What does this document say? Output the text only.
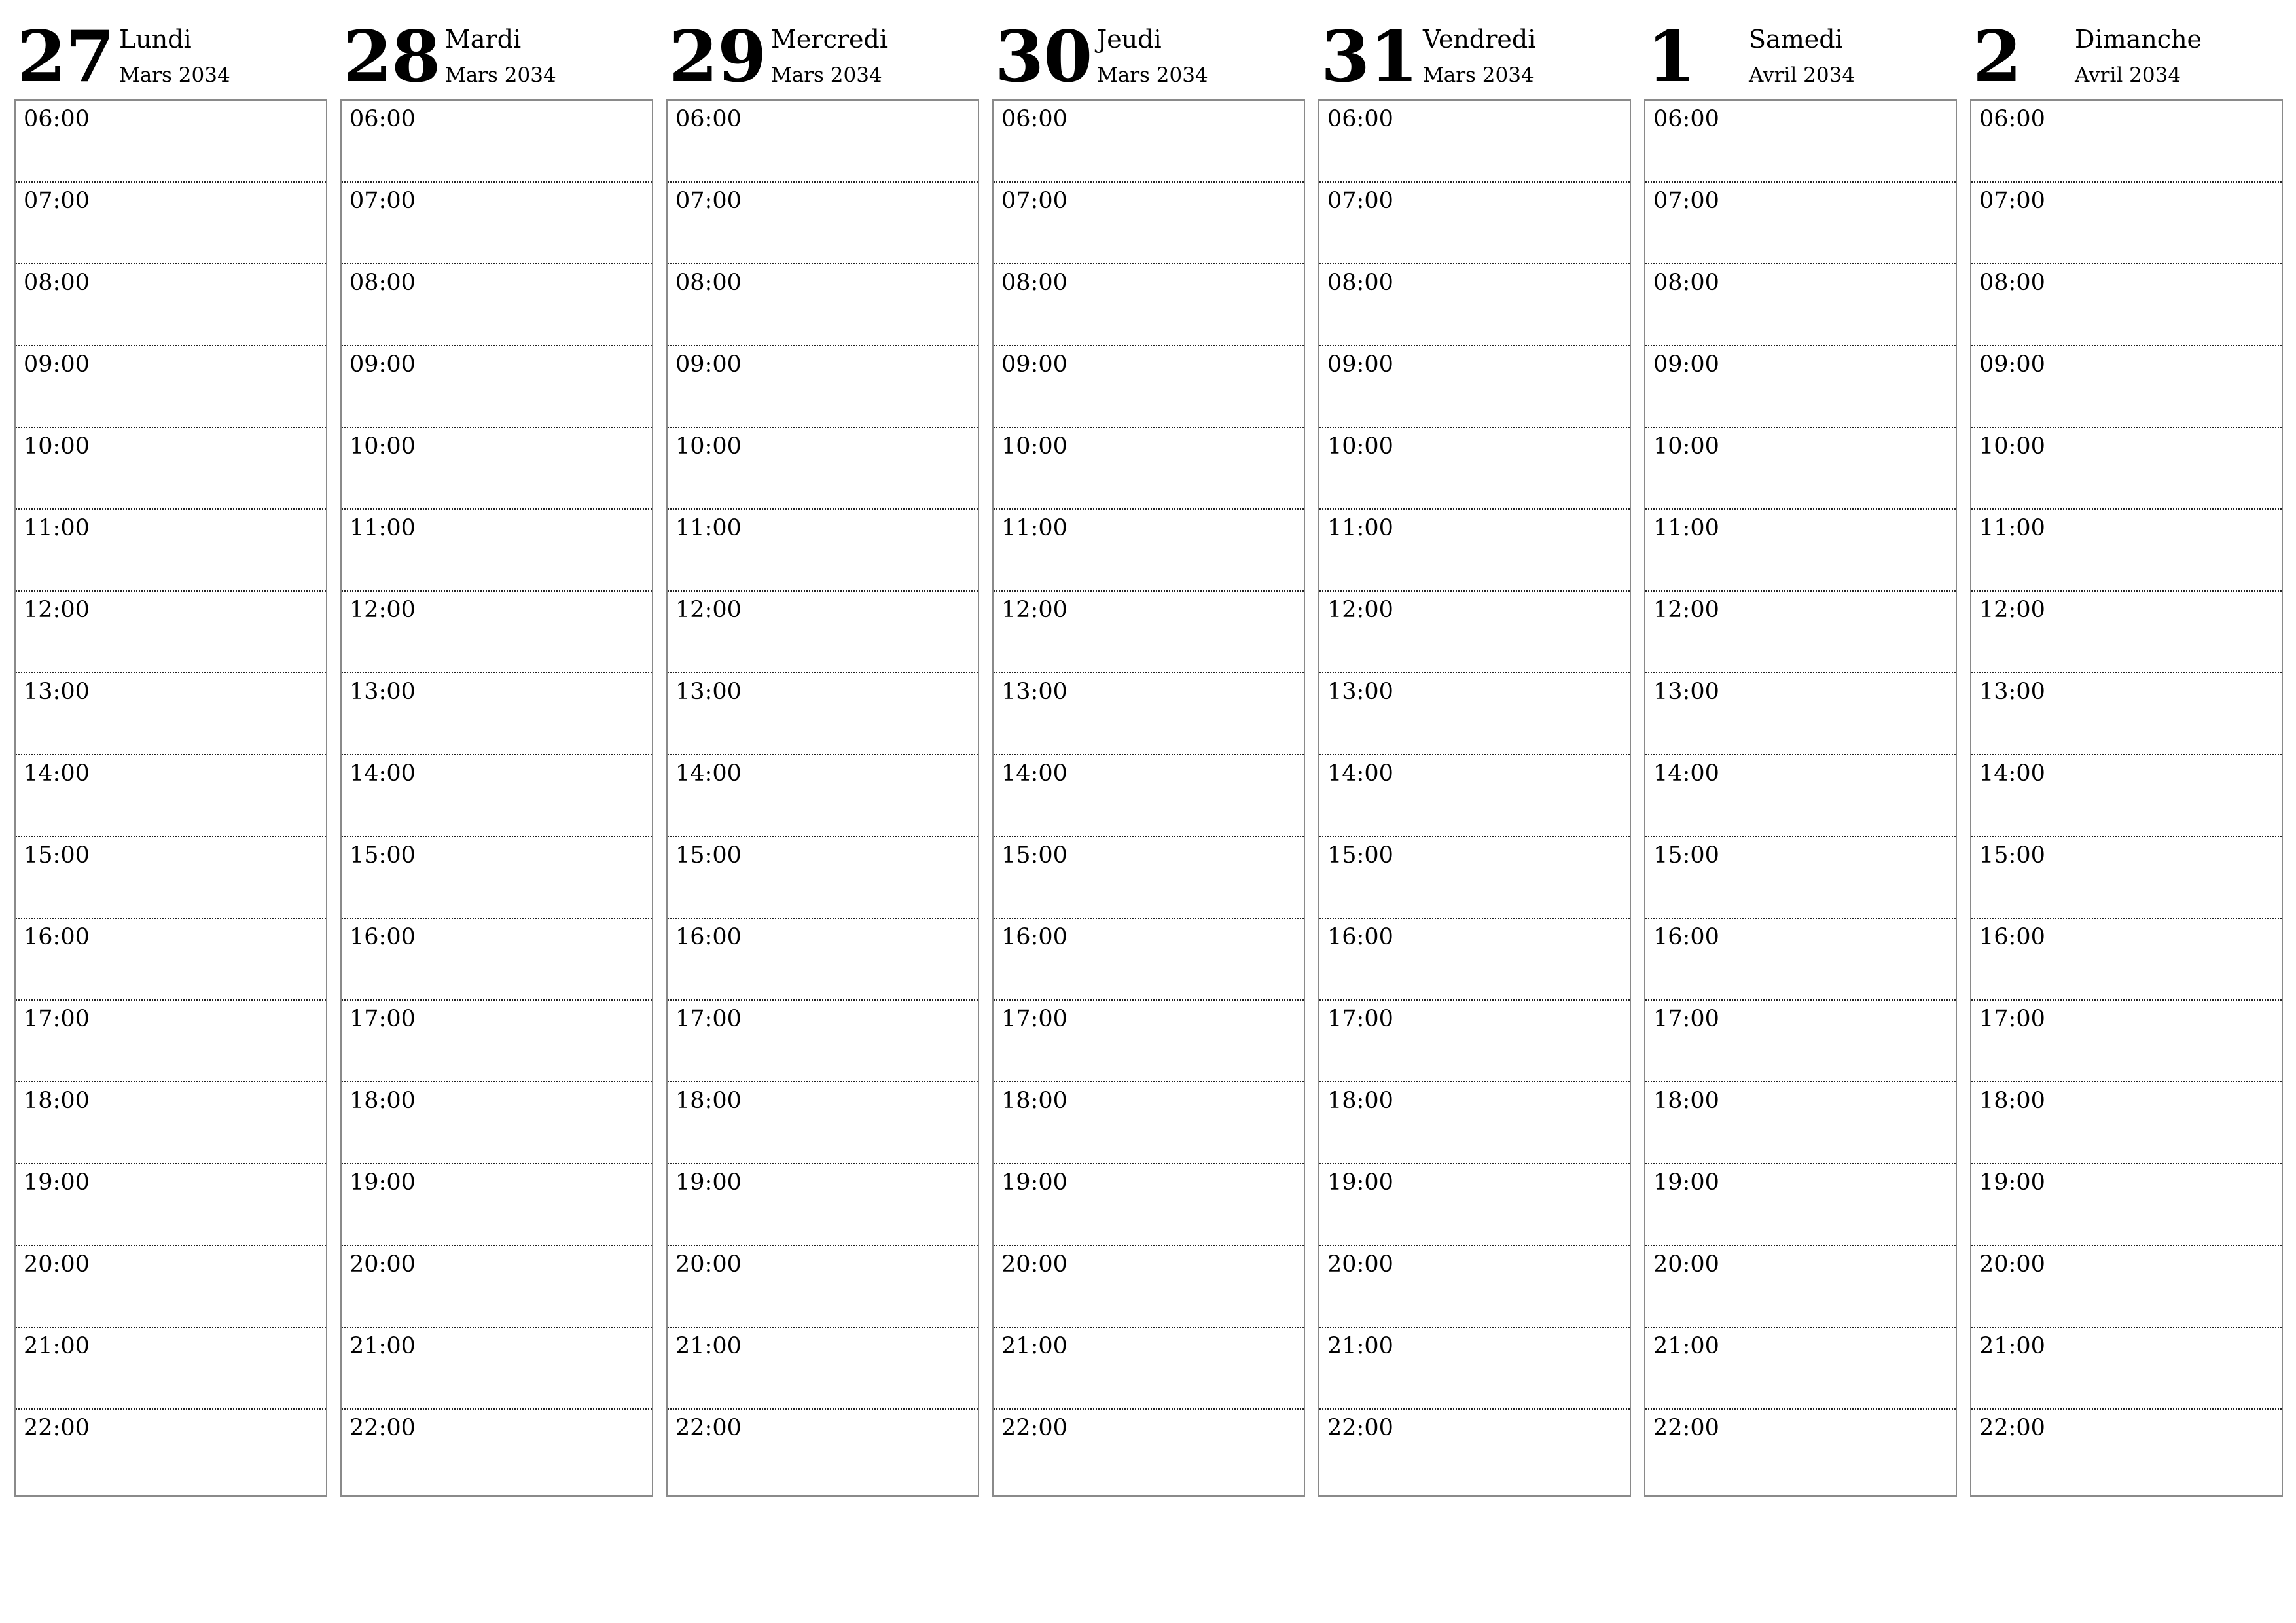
27 Lundi
Mars 2034
06:00
07:00
08:00
09:00
10:00
11:00
12:00
13:00
14:00
15:00
16:00
17:00
18:00
19:00
20:00
21:00
22:00
28 Mardi
Mars 2034
06:00
07:00
08:00
09:00
10:00
11:00
12:00
13:00
14:00
15:00
16:00
17:00
18:00
19:00
20:00
21:00
22:00
29 Mercredi
Mars 2034
06:00
07:00
08:00
09:00
10:00
11:00
12:00
13:00
14:00
15:00
16:00
17:00
18:00
19:00
20:00
21:00
22:00
30 Jeudi
Mars 2034
06:00
07:00
08:00
09:00
10:00
11:00
12:00
13:00
14:00
15:00
16:00
17:00
18:00
19:00
20:00
21:00
22:00
31 Vendredi
Mars 2034
06:00
07:00
08:00
09:00
10:00
11:00
12:00
13:00
14:00
15:00
16:00
17:00
18:00
19:00
20:00
21:00
22:00
1 Samedi
Avril 2034
06:00
07:00
08:00
09:00
10:00
11:00
12:00
13:00
14:00
15:00
16:00
17:00
18:00
19:00
20:00
21:00
22:00
2 Dimanche
Avril 2034
06:00
07:00
08:00
09:00
10:00
11:00
12:00
13:00
14:00
15:00
16:00
17:00
18:00
19:00
20:00
21:00
22:00
